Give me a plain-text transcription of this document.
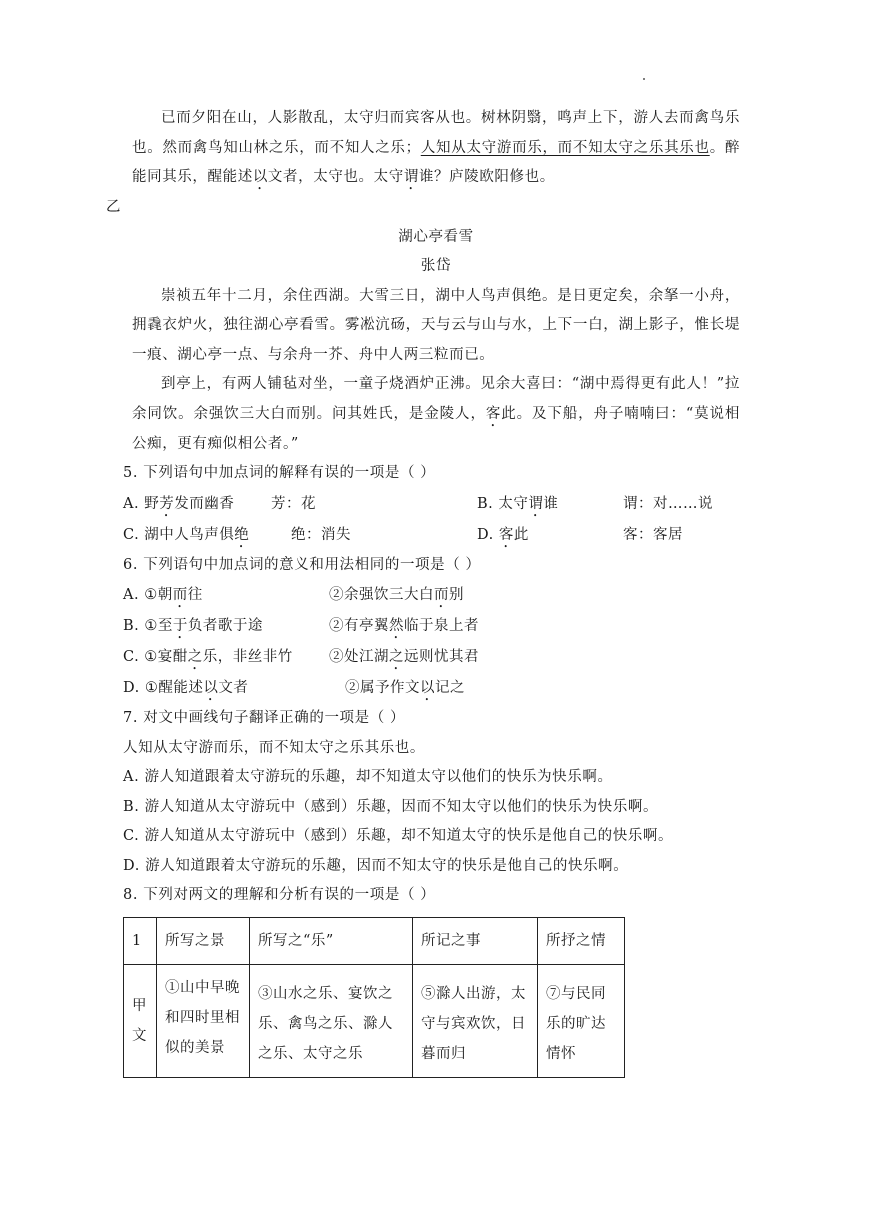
已而夕阳在山，人影散乱，太守归而宾客从也。树林阴翳，鸣声上下，游人去而禽鸟乐也。然而禽鸟知山林之乐，而不知人之乐；人知从太守游而乐，而不知太守之乐其乐也。醉能同其乐，醒能述以文者，太守也。太守谓谁？庐陵欧阳修也。

乙

湖心亭看雪

张岱

崇祯五年十二月，余住西湖。大雪三日，湖中人鸟声俱绝。是日更定矣，余拏一小舟，拥毳衣炉火，独往湖心亭看雪。雾凇沆砀，天与云与山与水，上下一白，湖上影子，惟长堤一痕、湖心亭一点、与余舟一芥、舟中人两三粒而已。

到亭上，有两人铺毡对坐，一童子烧酒炉正沸。见余大喜曰：“湖中焉得更有此人！”拉余同饮。余强饮三大白而别。问其姓氏，是金陵人，客此。及下船，舟子喃喃曰：“莫说相公痴，更有痴似相公者。”

5. 下列语句中加点词的解释有误的一项是（ ）

A. 野芳发而幽香	芳：花	B. 太守谓谁	谓：对……说
C. 湖中人鸟声俱绝	绝：消失	D. 客此	客：客居

6. 下列语句中加点词的意义和用法相同的一项是（ ）

A. ①朝而往	②余强饮三大白而别
B. ①至于负者歌于途	②有亭翼然临于泉上者
C. ①宴酣之乐，非丝非竹	②处江湖之远则忧其君
D. ①醒能述以文者	②属予作文以记之

7. 对文中画线句子翻译正确的一项是（ ）

人知从太守游而乐，而不知太守之乐其乐也。

A. 游人知道跟着太守游玩的乐趣，却不知道太守以他们的快乐为快乐啊。

B. 游人知道从太守游玩中（感到）乐趣，因而不知太守以他们的快乐为快乐啊。

C. 游人知道从太守游玩中（感到）乐趣，却不知道太守的快乐是他自己的快乐啊。

D. 游人知道跟着太守游玩的乐趣，因而不知太守的快乐是他自己的快乐啊。

8. 下列对两文的理解和分析有误的一项是（ ）

1	所写之景	所写之“乐”	所记之事	所抒之情
甲文	①山中早晚和四时里相似的美景	③山水之乐、宴饮之乐、禽鸟之乐、滁人之乐、太守之乐	⑤滁人出游，太守与宾欢饮，日暮而归	⑦与民同乐的旷达情怀
